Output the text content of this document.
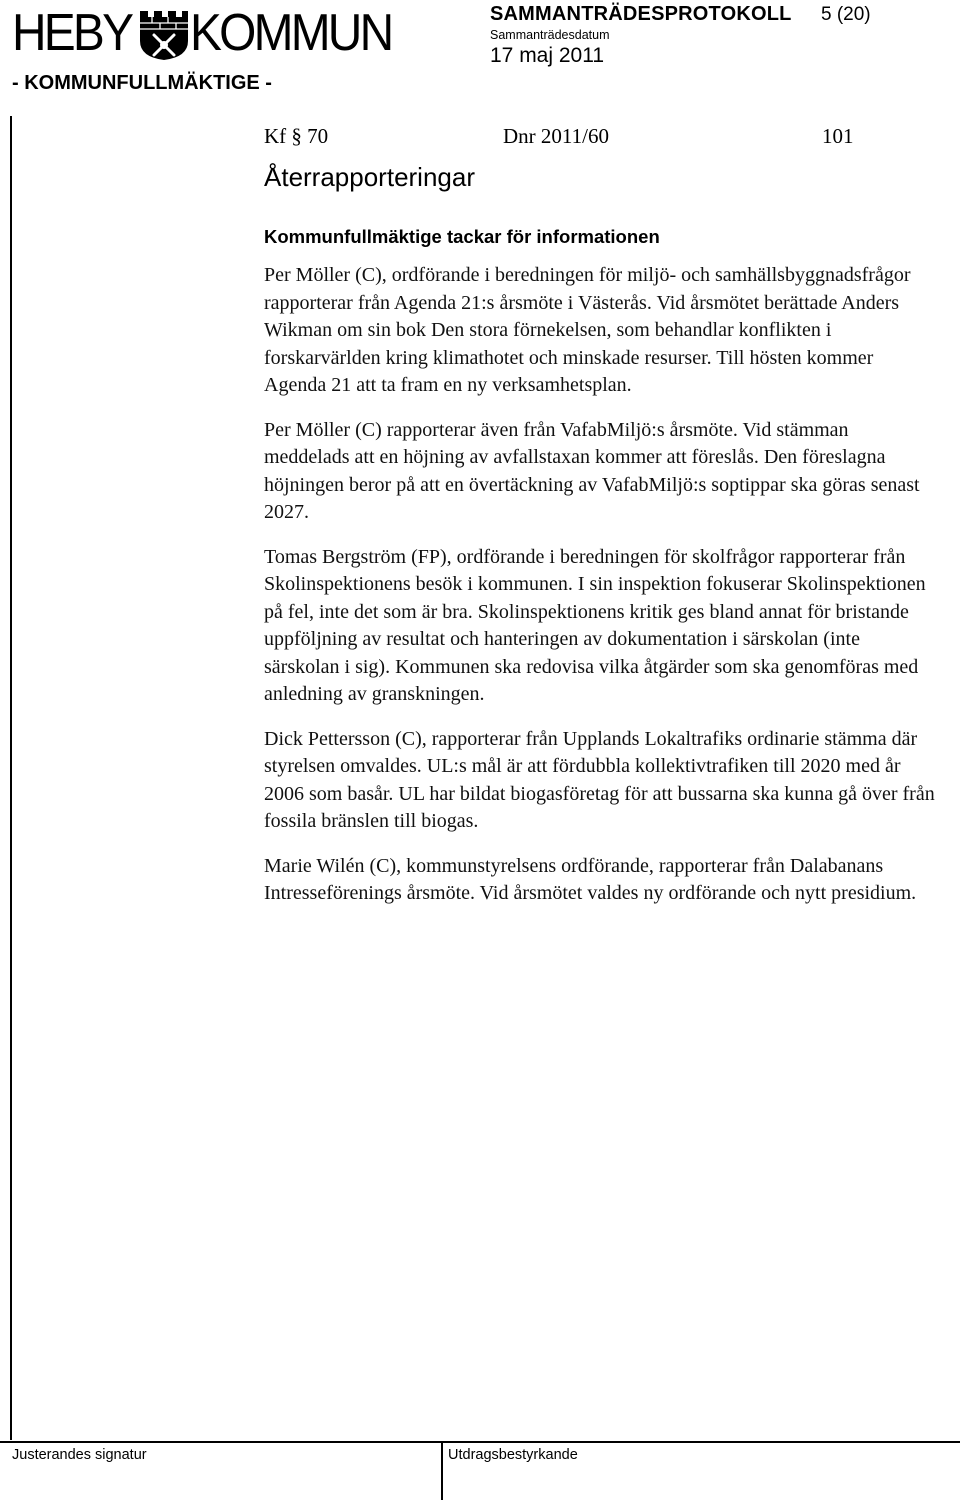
HEBY KOMMUN
- KOMMUNFULLMÄKTIGE -
SAMMANTRÄDESPROTOKOLL 5 (20)
Sammanträdesdatum
17 maj 2011
Kf § 70	Dnr 2011/60	101
Återrapporteringar
Kommunfullmäktige tackar för informationen

Per Möller (C), ordförande i beredningen för miljö- och samhällsbyggnadsfrågor rapporterar från Agenda 21:s årsmöte i Västerås. Vid årsmötet berättade Anders Wikman om sin bok Den stora förnekelsen, som behandlar konflikten i forskarvärlden kring klimathotet och minskade resurser. Till hösten kommer Agenda 21 att ta fram en ny verksamhetsplan.

Per Möller (C) rapporterar även från VafabMiljö:s årsmöte. Vid stämman meddelads att en höjning av avfallstaxan kommer att föreslås. Den föreslagna höjningen beror på att en övertäckning av VafabMiljö:s soptippar ska göras senast 2027.

Tomas Bergström (FP), ordförande i beredningen för skolfrågor rapporterar från Skolinspektionens besök i kommunen. I sin inspektion fokuserar Skolinspektionen på fel, inte det som är bra. Skolinspektionens kritik ges bland annat för bristande uppföljning av resultat och hanteringen av dokumentation i särskolan (inte särskolan i sig). Kommunen ska redovisa vilka åtgärder som ska genomföras med anledning av granskningen.

Dick Pettersson (C), rapporterar från Upplands Lokaltrafiks ordinarie stämma där styrelsen omvaldes. UL:s mål är att fördubbla kollektivtrafiken till 2020 med år 2006 som basår. UL har bildat biogasföretag för att bussarna ska kunna gå över från fossila bränslen till biogas.

Marie Wilén (C), kommunstyrelsens ordförande, rapporterar från Dalabanans Intresseförenings årsmöte. Vid årsmötet valdes ny ordförande och nytt presidium.

Justerandes signatur	Utdragsbestyrkande
